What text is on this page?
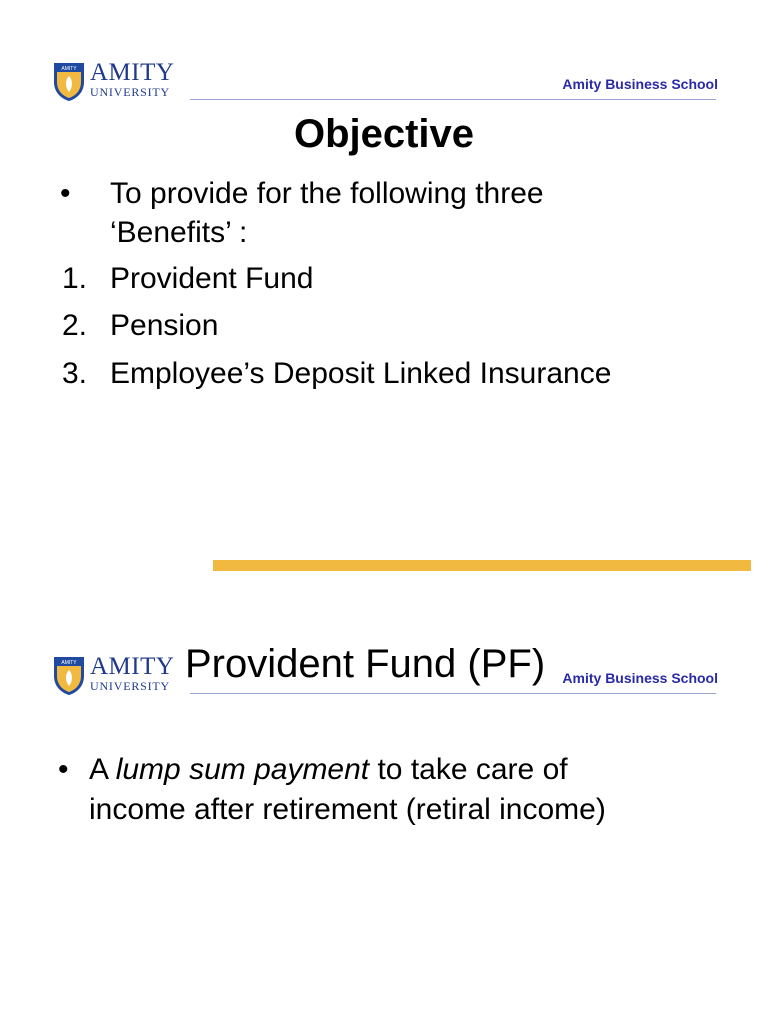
AMITY AMITY
UNIVERSITY	Amity Business School
Objective
• To provide for the following three
‘Benefits’ :
1. Provident Fund
2. Pension
3. Employee’s Deposit Linked Insurance
AMITY AMITY
UNIVERSITY Provident Fund (PF) Amity Business School
• A lump sum payment to take care of
income after retirement (retiral income)
